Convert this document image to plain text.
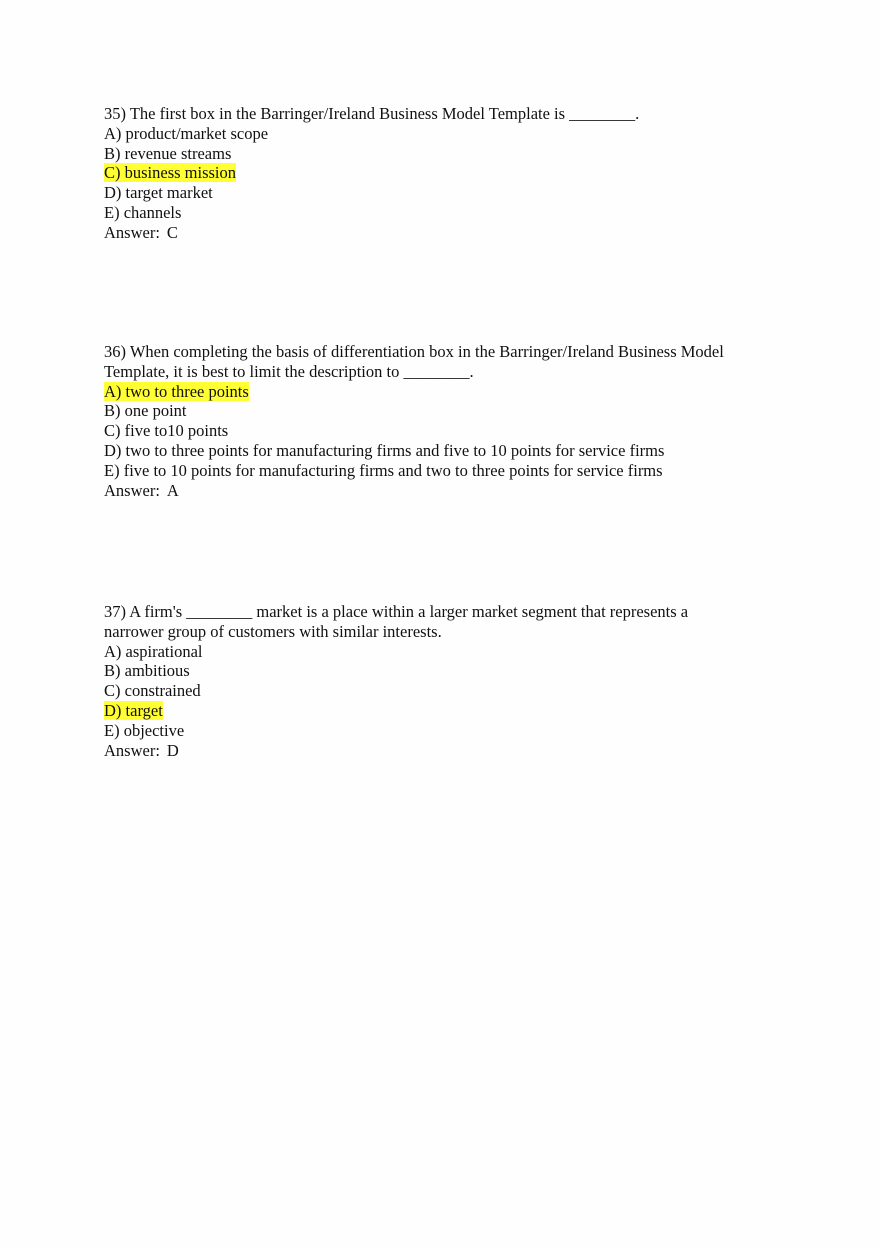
35) The first box in the Barringer/Ireland Business Model Template is ________.
A) product/market scope
B) revenue streams
C) business mission
D) target market
E) channels
Answer: C
36) When completing the basis of differentiation box in the Barringer/Ireland Business Model
Template, it is best to limit the description to ________.
A) two to three points
B) one point
C) five to10 points
D) two to three points for manufacturing firms and five to 10 points for service firms
E) five to 10 points for manufacturing firms and two to three points for service firms
Answer: A
37) A firm's ________ market is a place within a larger market segment that represents a
narrower group of customers with similar interests.
A) aspirational
B) ambitious
C) constrained
D) target
E) objective
Answer: D
